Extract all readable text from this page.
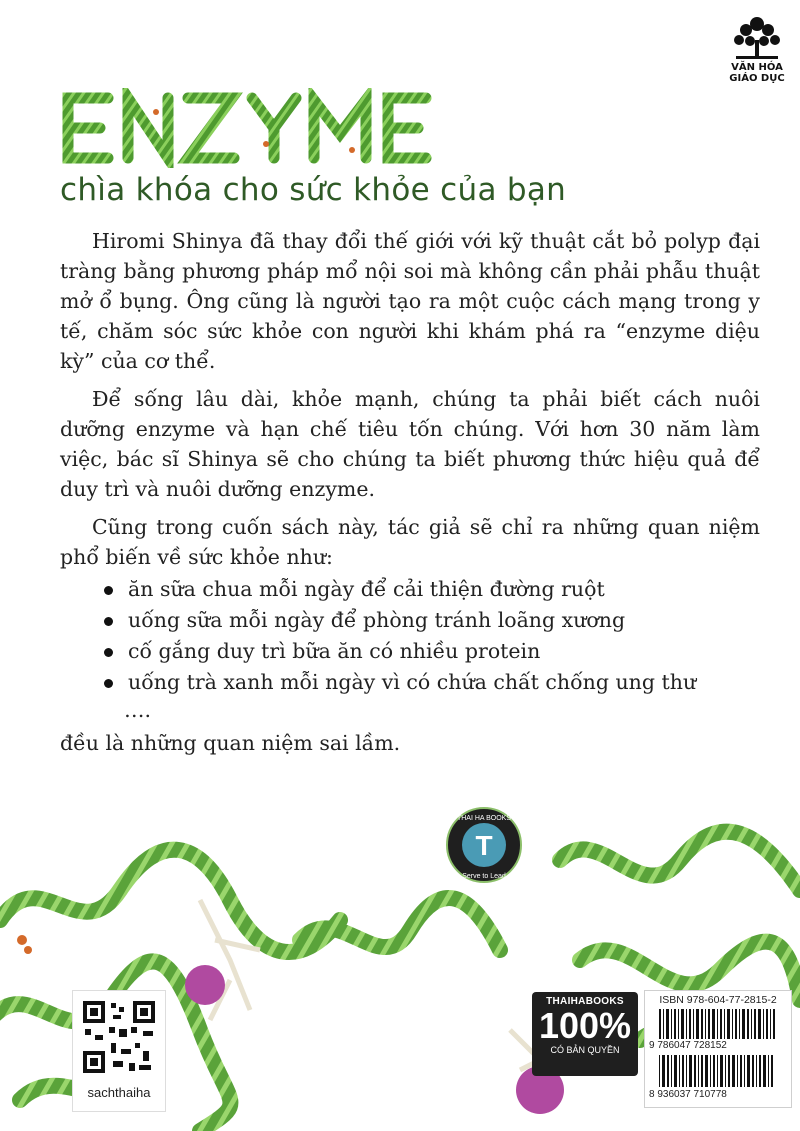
VĂN HÓA GIÁO DỤC
ENZYME
chìa khóa cho sức khỏe của bạn

Hiromi Shinya đã thay đổi thế giới với kỹ thuật cắt bỏ polyp đại tràng bằng phương pháp mổ nội soi mà không cần phải phẫu thuật mở ổ bụng. Ông cũng là người tạo ra một cuộc cách mạng trong y tế, chăm sóc sức khỏe con người khi khám phá ra “enzyme diệu kỳ” của cơ thể.

Để sống lâu dài, khỏe mạnh, chúng ta phải biết cách nuôi dưỡng enzyme và hạn chế tiêu tốn chúng. Với hơn 30 năm làm việc, bác sĩ Shinya sẽ cho chúng ta biết phương thức hiệu quả để duy trì và nuôi dưỡng enzyme.

Cũng trong cuốn sách này, tác giả sẽ chỉ ra những quan niệm phổ biến về sức khỏe như:

ăn sữa chua mỗi ngày để cải thiện đường ruột
uống sữa mỗi ngày để phòng tránh loãng xương
cố gắng duy trì bữa ăn có nhiều protein
uống trà xanh mỗi ngày vì có chứa chất chống ung thư
….

đều là những quan niệm sai lầm.

T
THAI HA BOOKS
Serve to Lead
sachthaiha
THAIHABOOKS
100%
CÓ BẢN QUYỀN
ISBN 978-604-77-2815-2
9 786047 728152
8 936037 710778
